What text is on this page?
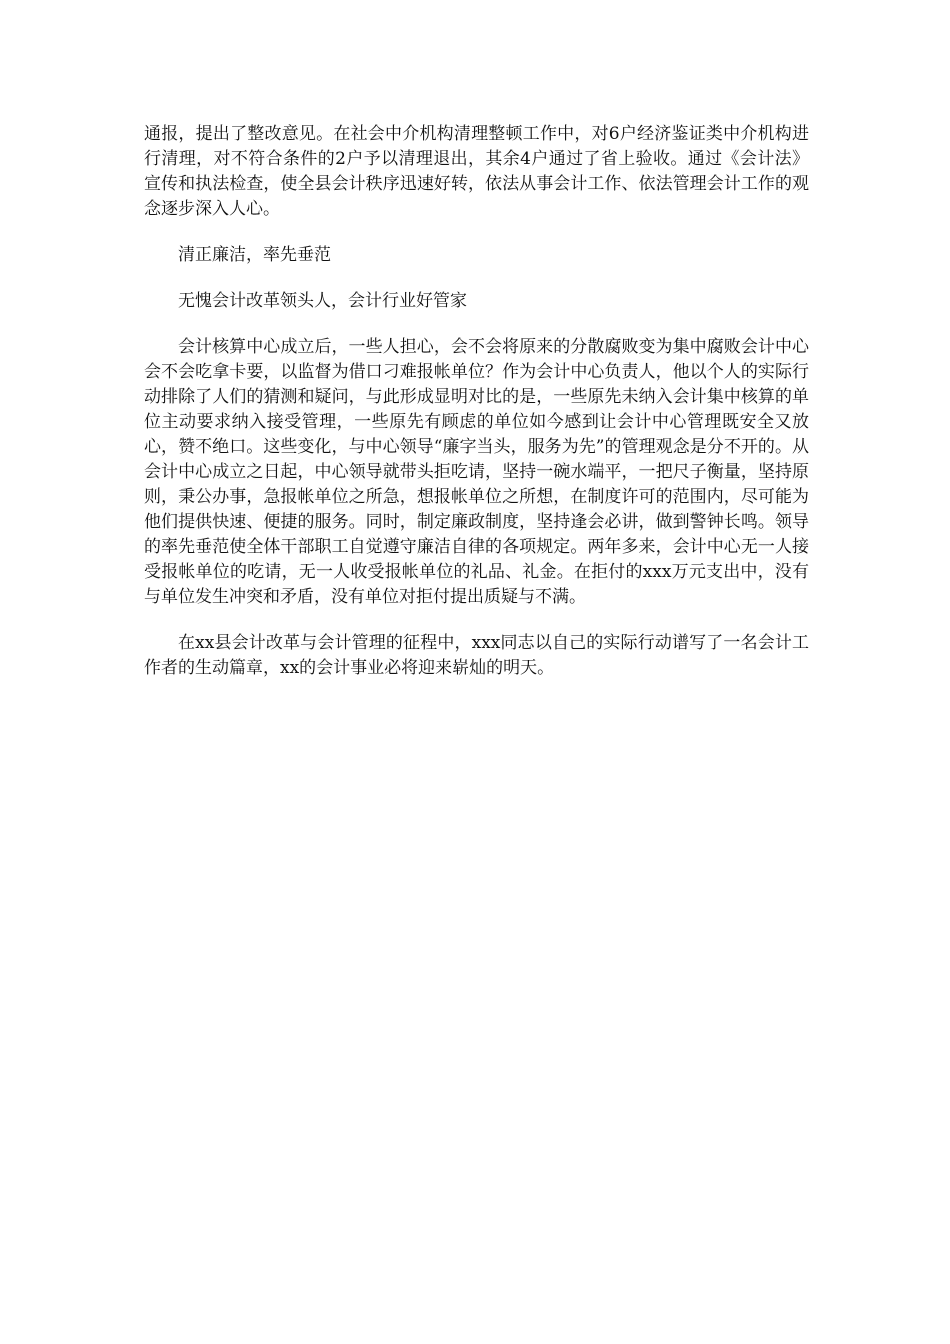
通报，提出了整改意见。在社会中介机构清理整顿工作中，对6户经济鉴证类中介机构进行清理，对不符合条件的2户予以清理退出，其余4户通过了省上验收。通过《会计法》宣传和执法检查，使全县会计秩序迅速好转，依法从事会计工作、依法管理会计工作的观念逐步深入人心。

清正廉洁，率先垂范

无愧会计改革领头人，会计行业好管家

会计核算中心成立后，一些人担心，会不会将原来的分散腐败变为集中腐败会计中心会不会吃拿卡要，以监督为借口刁难报帐单位？作为会计中心负责人，他以个人的实际行动排除了人们的猜测和疑问，与此形成显明对比的是，一些原先未纳入会计集中核算的单位主动要求纳入接受管理，一些原先有顾虑的单位如今感到让会计中心管理既安全又放心，赞不绝口。这些变化，与中心领导“廉字当头，服务为先”的管理观念是分不开的。从会计中心成立之日起，中心领导就带头拒吃请，坚持一碗水端平，一把尺子衡量，坚持原则，秉公办事，急报帐单位之所急，想报帐单位之所想，在制度许可的范围内，尽可能为他们提供快速、便捷的服务。同时，制定廉政制度，坚持逢会必讲，做到警钟长鸣。领导的率先垂范使全体干部职工自觉遵守廉洁自律的各项规定。两年多来，会计中心无一人接受报帐单位的吃请，无一人收受报帐单位的礼品、礼金。在拒付的xxx万元支出中，没有与单位发生冲突和矛盾，没有单位对拒付提出质疑与不满。

在xx县会计改革与会计管理的征程中，xxx同志以自己的实际行动谱写了一名会计工作者的生动篇章，xx的会计事业必将迎来崭灿的明天。
